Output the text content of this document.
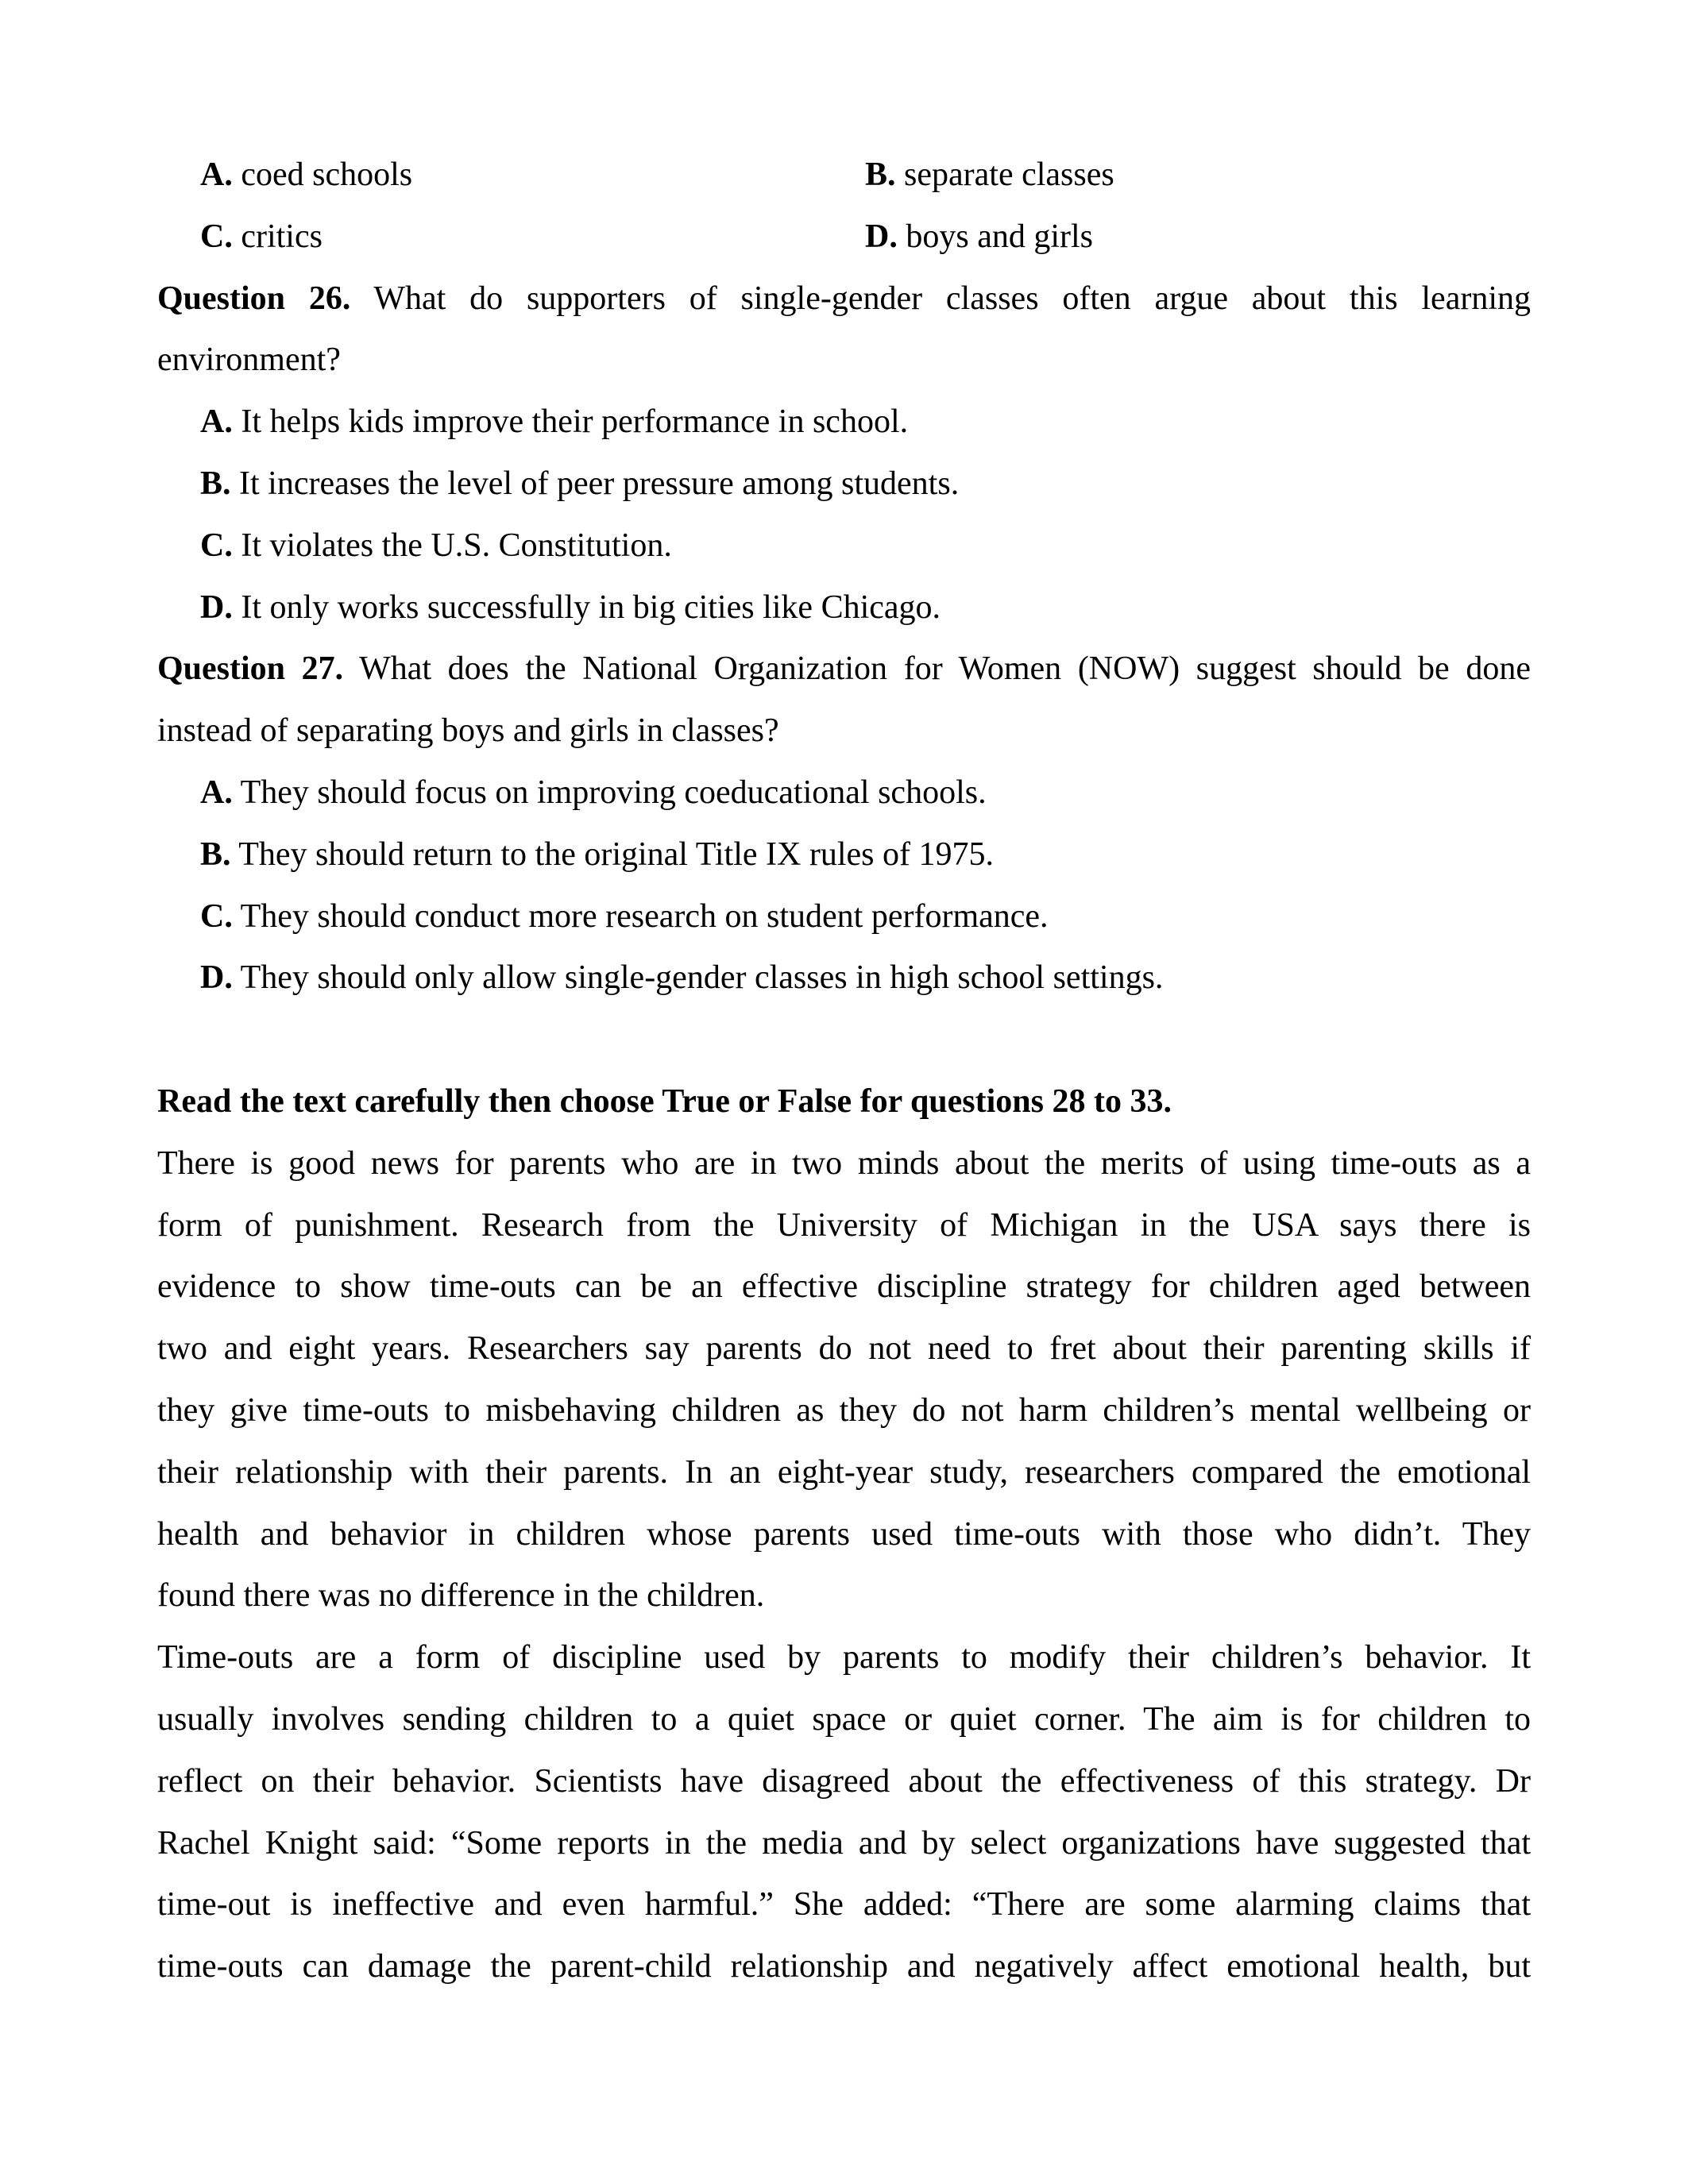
A. coed schools	B. separate classes
C. critics	D. boys and girls
Question 26. What do supporters of single-gender classes often argue about this learning
environment?
A. It helps kids improve their performance in school.
B. It increases the level of peer pressure among students.
C. It violates the U.S. Constitution.
D. It only works successfully in big cities like Chicago.
Question 27. What does the National Organization for Women (NOW) suggest should be done
instead of separating boys and girls in classes?
A. They should focus on improving coeducational schools.
B. They should return to the original Title IX rules of 1975.
C. They should conduct more research on student performance.
D. They should only allow single-gender classes in high school settings.
Read the text carefully then choose True or False for questions 28 to 33.
There is good news for parents who are in two minds about the merits of using time-outs as a
form of punishment. Research from the University of Michigan in the USA says there is
evidence to show time-outs can be an effective discipline strategy for children aged between
two and eight years. Researchers say parents do not need to fret about their parenting skills if
they give time-outs to misbehaving children as they do not harm children’s mental wellbeing or
their relationship with their parents. In an eight-year study, researchers compared the emotional
health and behavior in children whose parents used time-outs with those who didn’t. They
found there was no difference in the children.
Time-outs are a form of discipline used by parents to modify their children’s behavior. It
usually involves sending children to a quiet space or quiet corner. The aim is for children to
reflect on their behavior. Scientists have disagreed about the effectiveness of this strategy. Dr
Rachel Knight said: “Some reports in the media and by select organizations have suggested that
time-out is ineffective and even harmful.” She added: “There are some alarming claims that
time-outs can damage the parent-child relationship and negatively affect emotional health, but
